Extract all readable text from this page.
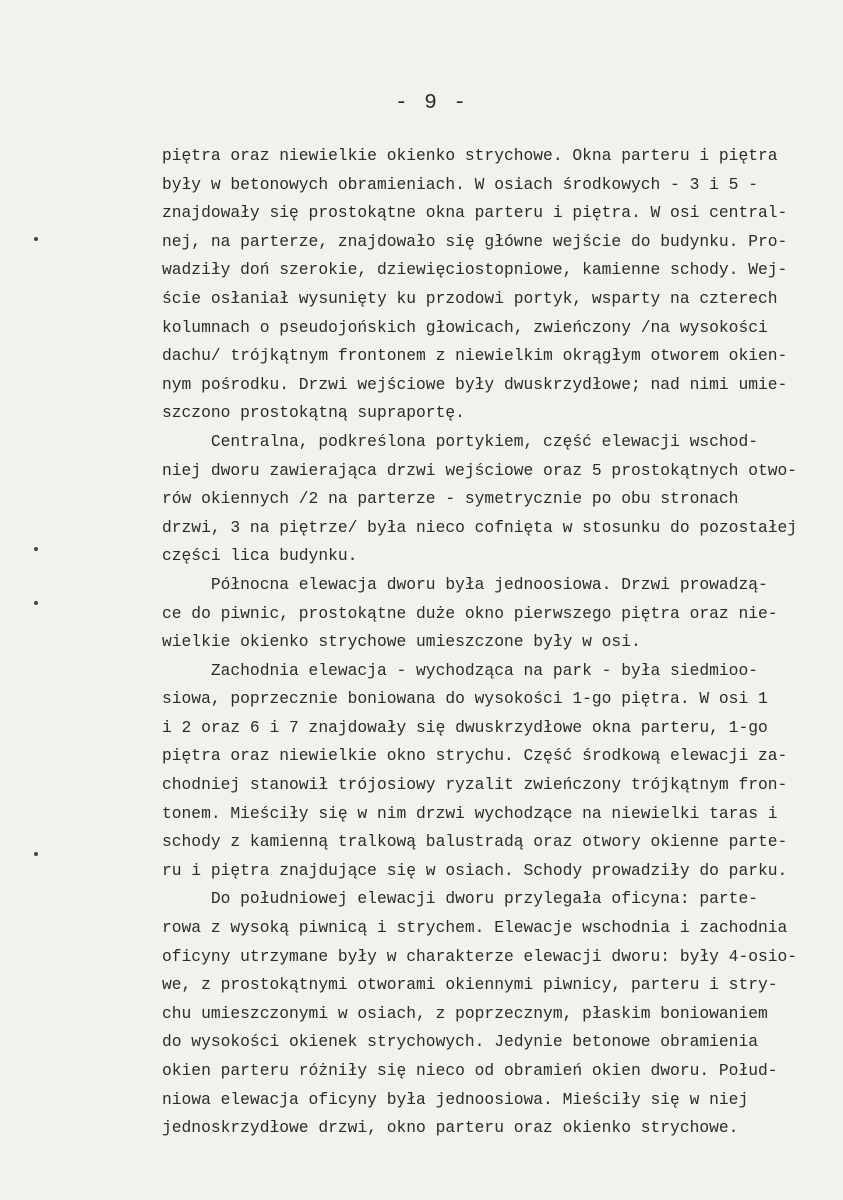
- 9 -
piętra oraz niewielkie okienko strychowe. Okna parteru i piętra
były w betonowych obramieniach. W osiach środkowych - 3 i 5 -
znajdowały się prostokątne okna parteru i piętra. W osi central-
nej, na parterze, znajdowało się główne wejście do budynku. Pro-
wadziły doń szerokie, dziewięciostopniowe, kamienne schody. Wej-
ście osłaniał wysunięty ku przodowi portyk, wsparty na czterech
kolumnach o pseudojońskich głowicach, zwieńczony /na wysokości
dachu/ trójkątnym frontonem z niewielkim okrągłym otworem okien-
nym pośrodku. Drzwi wejściowe były dwuskrzydłowe; nad nimi umie-
szczono prostokątną supraportę.
Centralna, podkreślona portykiem, część elewacji wschod-
niej dworu zawierająca drzwi wejściowe oraz 5 prostokątnych otwo-
rów okiennych /2 na parterze - symetrycznie po obu stronach
drzwi, 3 na piętrze/ była nieco cofnięta w stosunku do pozostałej
części lica budynku.
Północna elewacja dworu była jednoosiowa. Drzwi prowadzą-
ce do piwnic, prostokątne duże okno pierwszego piętra oraz nie-
wielkie okienko strychowe umieszczone były w osi.
Zachodnia elewacja - wychodząca na park - była siedmioo-
siowa, poprzecznie boniowana do wysokości 1-go piętra. W osi 1
i 2 oraz 6 i 7 znajdowały się dwuskrzydłowe okna parteru, 1-go
piętra oraz niewielkie okno strychu. Część środkową elewacji za-
chodniej stanowił trójosiowy ryzalit zwieńczony trójkątnym fron-
tonem. Mieściły się w nim drzwi wychodzące na niewielki taras i
schody z kamienną tralkową balustradą oraz otwory okienne parte-
ru i piętra znajdujące się w osiach. Schody prowadziły do parku.
Do południowej elewacji dworu przylegała oficyna: parte-
rowa z wysoką piwnicą i strychem. Elewacje wschodnia i zachodnia
oficyny utrzymane były w charakterze elewacji dworu: były 4-osio-
we, z prostokątnymi otworami okiennymi piwnicy, parteru i stry-
chu umieszczonymi w osiach, z poprzecznym, płaskim boniowaniem
do wysokości okienek strychowych. Jedynie betonowe obramienia
okien parteru różniły się nieco od obramień okien dworu. Połud-
niowa elewacja oficyny była jednoosiowa. Mieściły się w niej
jednoskrzydłowe drzwi, okno parteru oraz okienko strychowe.
